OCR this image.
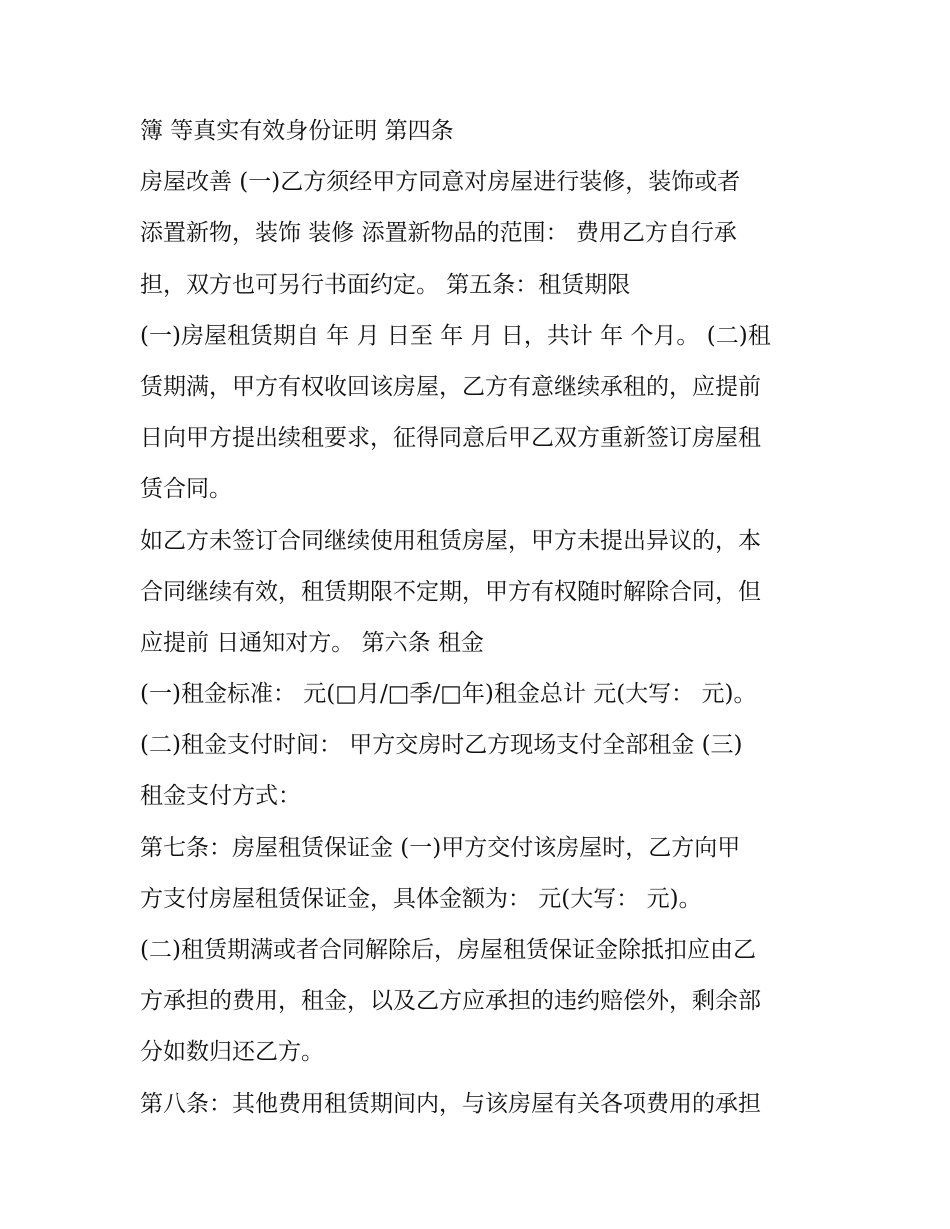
簿 等真实有效身份证明 第四条
房屋改善 (一)乙方须经甲方同意对房屋进行装修，装饰或者
添置新物，装饰 装修 添置新物品的范围： 费用乙方自行承
担，双方也可另行书面约定。 第五条：租赁期限
(一)房屋租赁期自 年 月 日至 年 月 日，共计 年 个月。 (二)租
赁期满，甲方有权收回该房屋，乙方有意继续承租的，应提前
日向甲方提出续租要求，征得同意后甲乙双方重新签订房屋租
赁合同。
如乙方未签订合同继续使用租赁房屋，甲方未提出异议的，本
合同继续有效，租赁期限不定期，甲方有权随时解除合同，但
应提前 日通知对方。 第六条 租金
(一)租金标准： 元(□月/□季/□年)租金总计 元(大写： 元)。
(二)租金支付时间： 甲方交房时乙方现场支付全部租金 (三)
租金支付方式：
第七条：房屋租赁保证金 (一)甲方交付该房屋时，乙方向甲
方支付房屋租赁保证金，具体金额为： 元(大写： 元)。
(二)租赁期满或者合同解除后，房屋租赁保证金除抵扣应由乙
方承担的费用，租金，以及乙方应承担的违约赔偿外，剩余部
分如数归还乙方。
第八条：其他费用租赁期间内，与该房屋有关各项费用的承担
